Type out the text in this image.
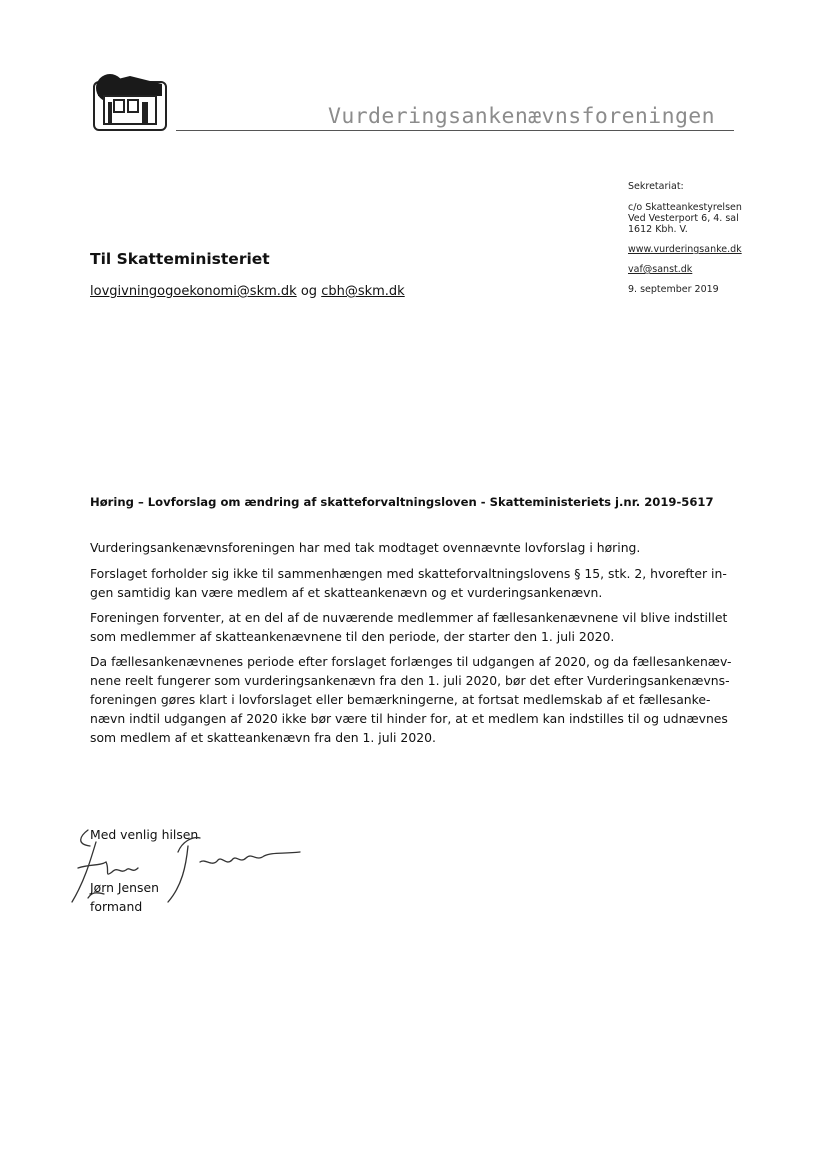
Vurderingsankenævnsforeningen
Sekretariat:
c/o Skatteankestyrelsen
Ved Vesterport 6, 4. sal
1612 Kbh. V.
www.vurderingsanke.dk
vaf@sanst.dk
9. september 2019
Til Skatteministeriet
lovgivningogoekonomi@skm.dk og cbh@skm.dk
Høring – Lovforslag om ændring af skatteforvaltningsloven - Skatteministeriets j.nr. 2019-5617
Vurderingsankenævnsforeningen har med tak modtaget ovennævnte lovforslag i høring.
Forslaget forholder sig ikke til sammenhængen med skatteforvaltningslovens § 15, stk. 2, hvorefter in-
gen samtidig kan være medlem af et skatteankenævn og et vurderingsankenævn.
Foreningen forventer, at en del af de nuværende medlemmer af fællesankenævnene vil blive indstillet
som medlemmer af skatteankenævnene til den periode, der starter den 1. juli 2020.
Da fællesankenævnenes periode efter forslaget forlænges til udgangen af 2020, og da fællesankenæv-
nene reelt fungerer som vurderingsankenævn fra den 1. juli 2020, bør det efter Vurderingsankenævns-
foreningen gøres klart i lovforslaget eller bemærkningerne, at fortsat medlemskab af et fællesanke-
nævn indtil udgangen af 2020 ikke bør være til hinder for, at et medlem kan indstilles til og udnævnes
som medlem af et skatteankenævn fra den 1. juli 2020.
Med venlig hilsen
Jørn Jensen
formand
